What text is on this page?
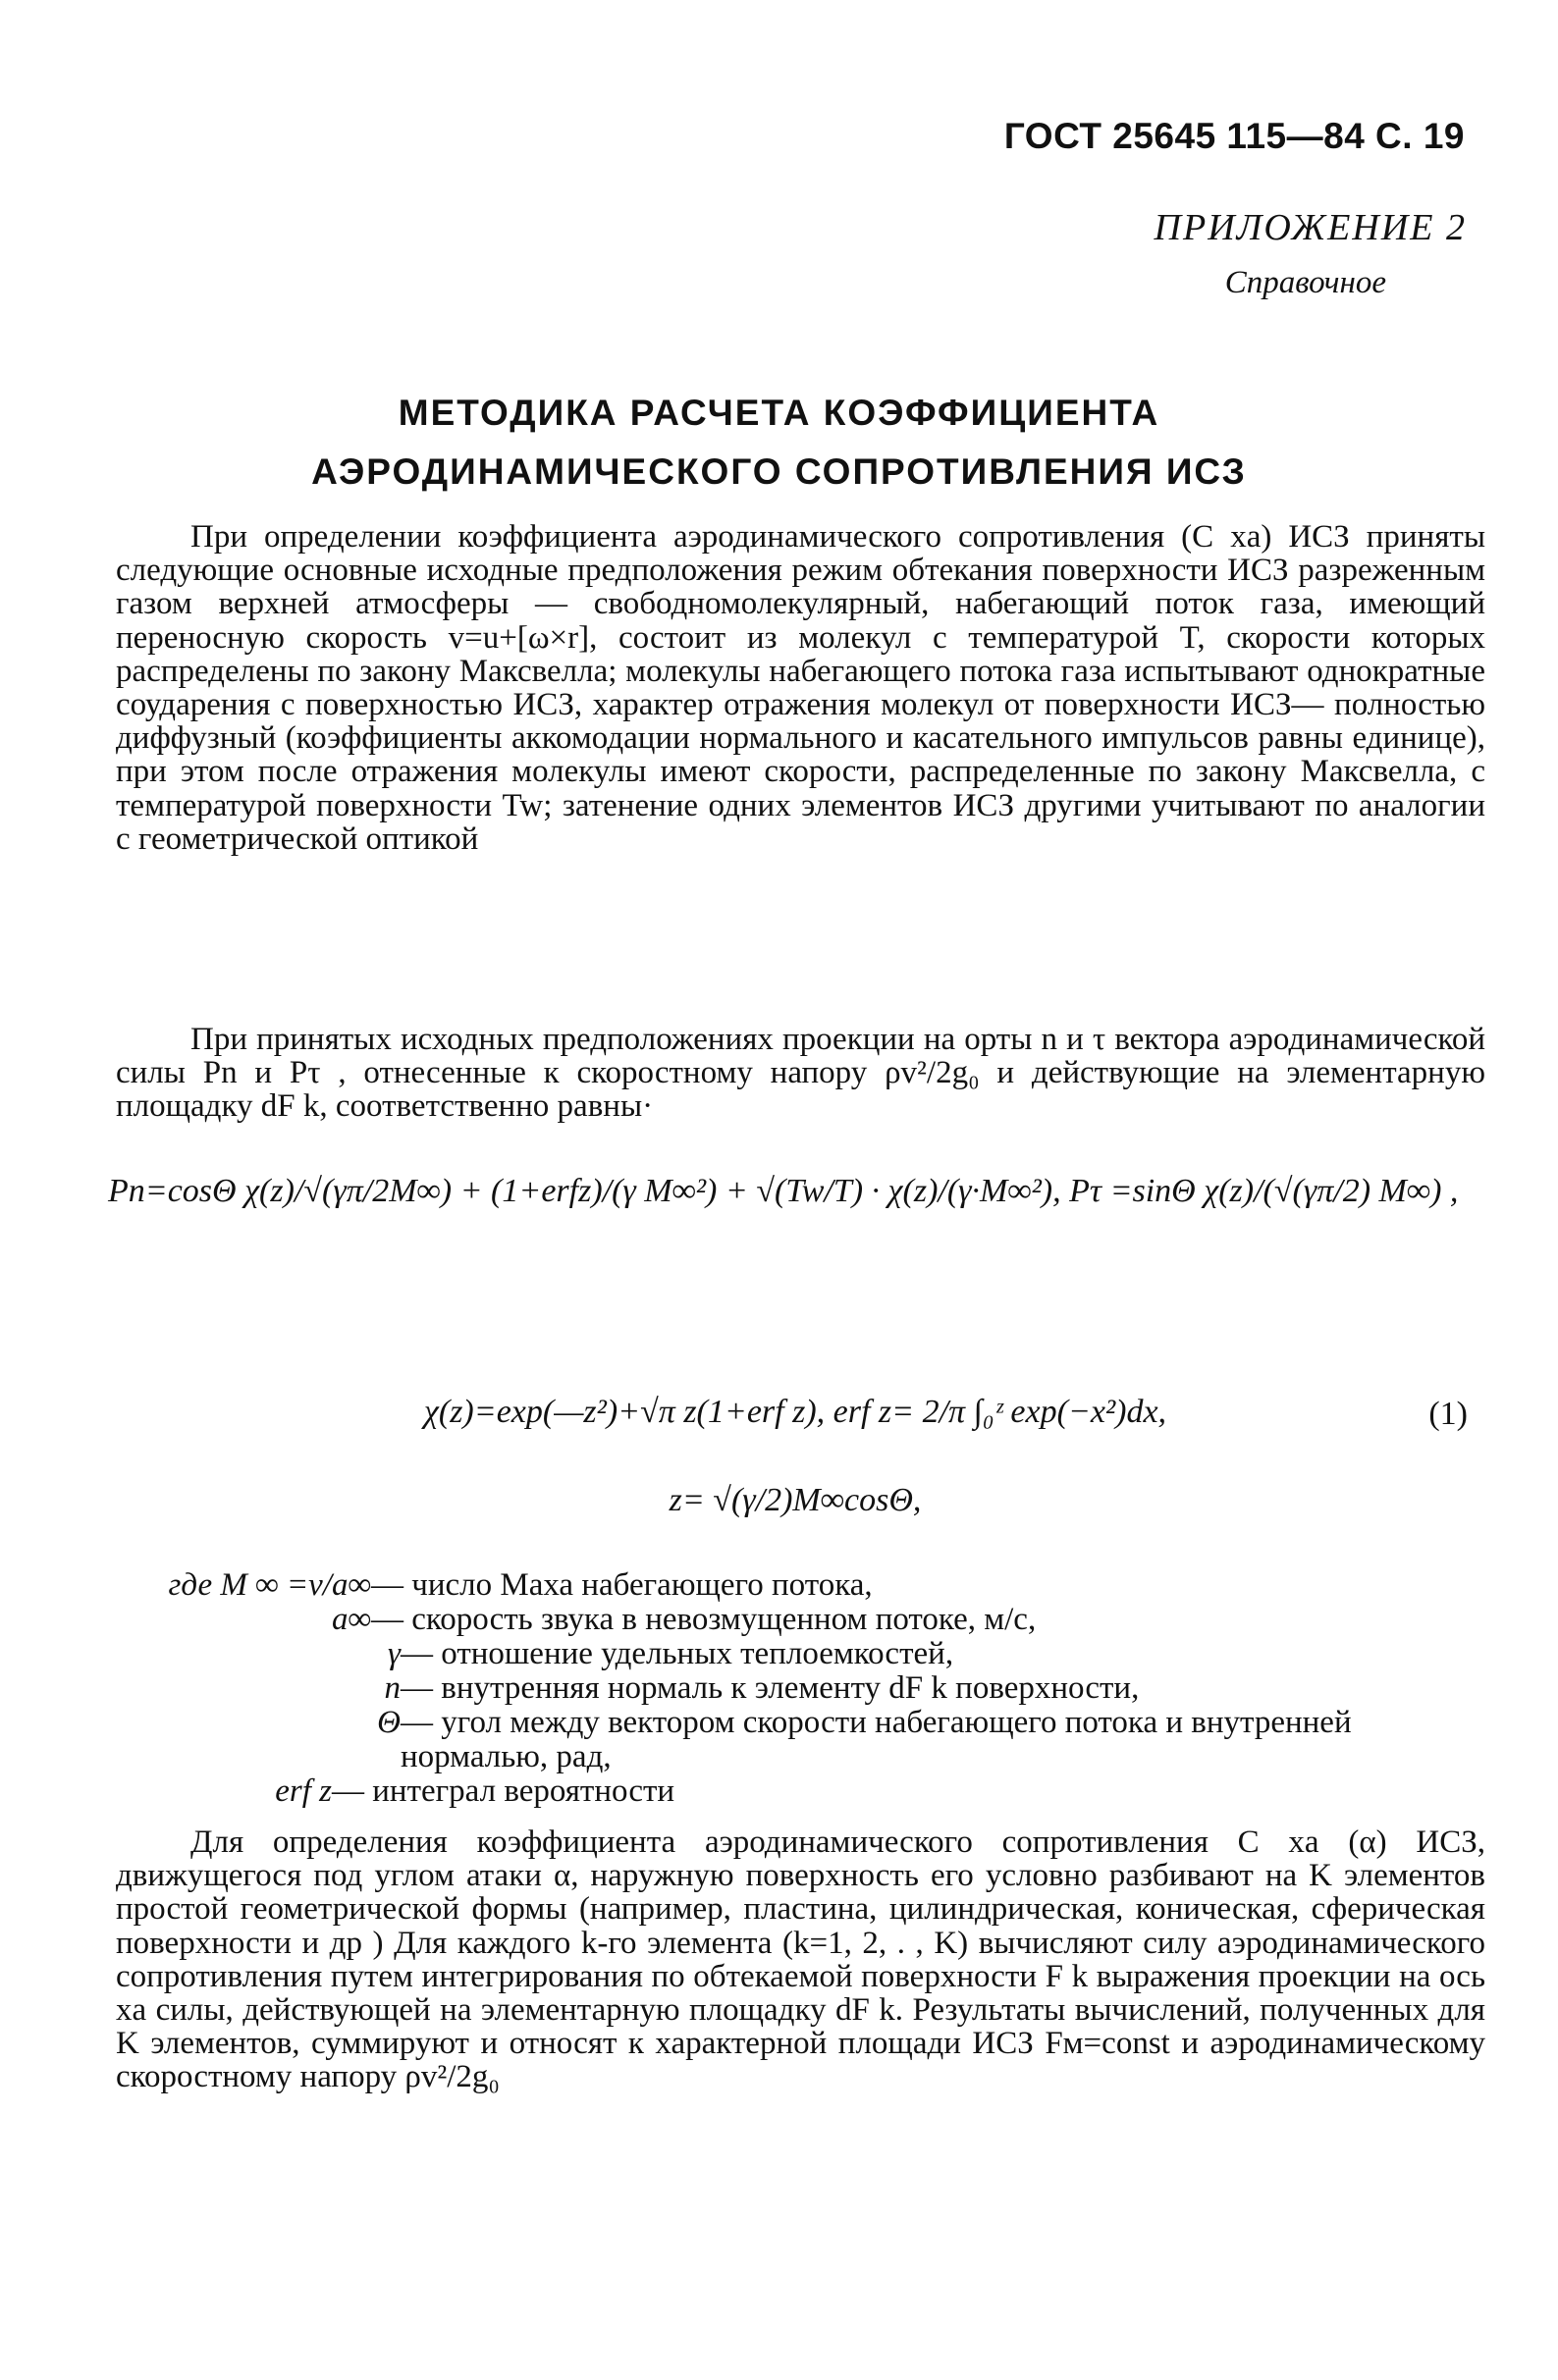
ГОСТ 25645 115—84 С. 19
ПРИЛОЖЕНИЕ 2
Справочное
МЕТОДИКА РАСЧЕТА КОЭФФИЦИЕНТА
АЭРОДИНАМИЧЕСКОГО СОПРОТИВЛЕНИЯ ИСЗ
При определении коэффициента аэродинамического сопротивления (C xa) ИСЗ приняты следующие основные исходные предположения режим обтекания поверхности ИСЗ разреженным газом верхней атмосферы — свободномолекулярный, набегающий поток газа, имеющий переносную скорость v=u+[ω×r], состоит из молекул с температурой T, скорости которых распределены по закону Максвелла; молекулы набегающего потока газа испытывают однократные соударения с поверхностью ИСЗ, характер отражения молекул от поверхности ИСЗ— полностью диффузный (коэффициенты аккомодации нормального и касательного импульсов равны единице), при этом после отражения молекулы имеют скорости, распределенные по закону Максвелла, с температурой поверхности Tw; затенение одних элементов ИСЗ другими учитывают по аналогии с геометрической оптикой
При принятых исходных предположениях проекции на орты n и τ вектора аэродинамической силы Pn и Pτ , отнесенные к скоростному напору ρv²/2g₀ и действующие на элементарную площадку dF k, соответственно равны·
Pn=cosΘ χ(z)/√(γπ/2M∞) + (1+erfz)/(γ M∞²) + √(Tw/T) · χ(z)/(γ·M∞²), Pτ =sinΘ χ(z)/(√(γπ/2) M∞) ,
χ(z)=exp(—z²)+√π z(1+erf z), erf z= 2/π ∫₀ᶻ exp(−x²)dx,	(1)
z= √(γ/2)M∞cosΘ,
где M ∞ =v/a∞ — число Маха набегающего потока,
a∞ — скорость звука в невозмущенном потоке, м/с,
γ — отношение удельных теплоемкостей,
n — внутренняя нормаль к элементу dF k поверхности,
Θ — угол между вектором скорости набегающего потока и внутренней нормалью, рад,
erf z — интеграл вероятности
Для определения коэффициента аэродинамического сопротивления C xa (α) ИСЗ, движущегося под углом атаки α, наружную поверхность его условно разбивают на K элементов простой геометрической формы (например, пластина, цилиндрическая, коническая, сферическая поверхности и др ) Для каждого k-го элемента (k=1, 2, . , K) вычисляют силу аэродинамического сопротивления путем интегрирования по обтекаемой поверхности F k выражения проекции на ось xa силы, действующей на элементарную площадку dF k. Результаты вычислений, полученных для K элементов, суммируют и относят к характерной площади ИСЗ Fм=const и аэродинамическому скоростному напору ρv²/2g₀
